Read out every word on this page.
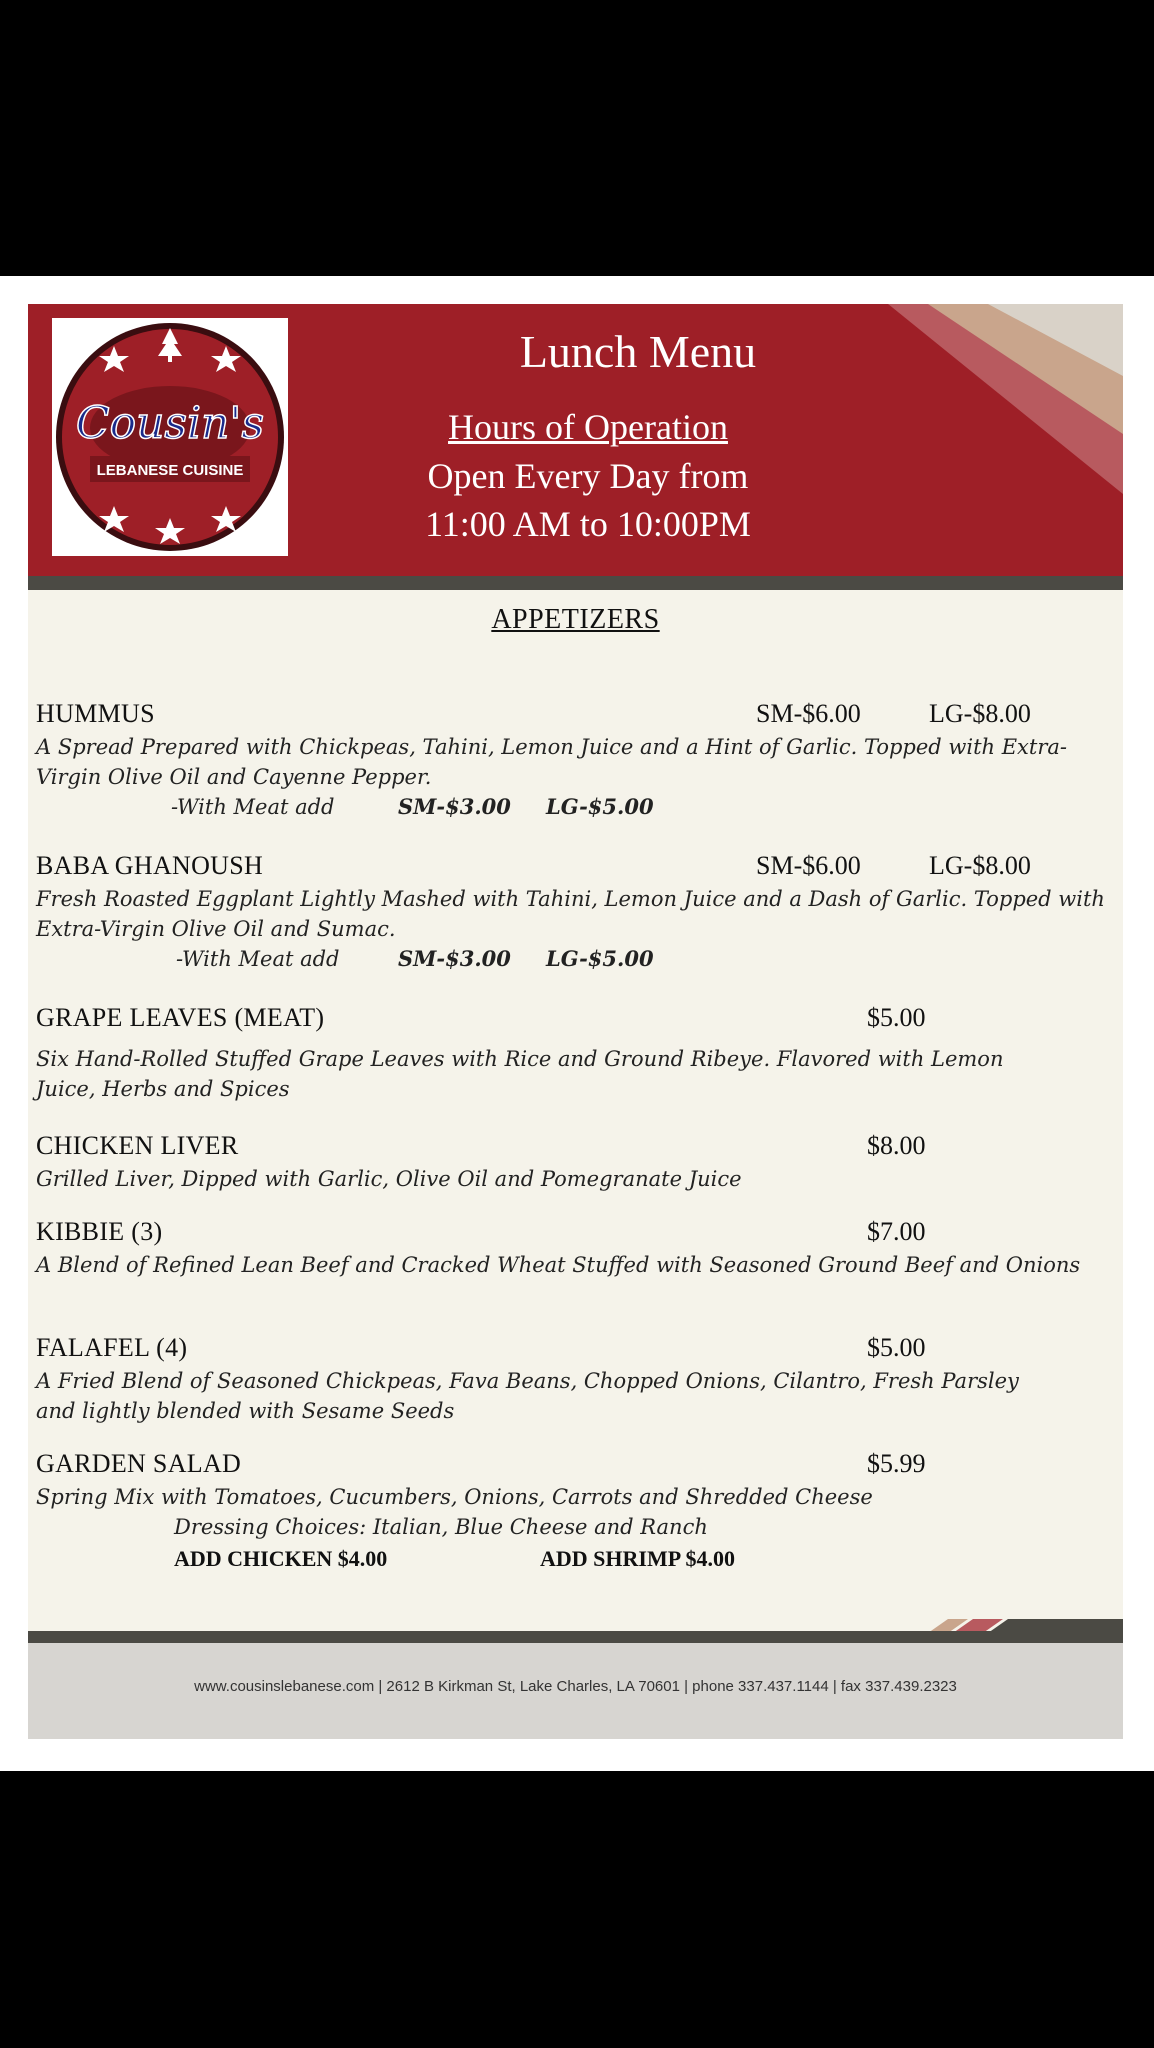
Cousin's
LEBANESE CUISINE
Lunch Menu
Hours of Operation
Open Every Day from
11:00 AM to 10:00PM
APPETIZERS
HUMMUS	SM-$6.00	LG-$8.00
A Spread Prepared with Chickpeas, Tahini, Lemon Juice and a Hint of Garlic. Topped with Extra-Virgin Olive Oil and Cayenne Pepper.
-With Meat add	SM-$3.00 LG-$5.00
BABA GHANOUSH	SM-$6.00	LG-$8.00
Fresh Roasted Eggplant Lightly Mashed with Tahini, Lemon Juice and a Dash of Garlic. Topped with Extra-Virgin Olive Oil and Sumac.
-With Meat add	SM-$3.00 LG-$5.00
GRAPE LEAVES (MEAT)	$5.00
Six Hand-Rolled Stuffed Grape Leaves with Rice and Ground Ribeye. Flavored with Lemon Juice, Herbs and Spices
CHICKEN LIVER	$8.00
Grilled Liver, Dipped with Garlic, Olive Oil and Pomegranate Juice
KIBBIE (3)	$7.00
A Blend of Refined Lean Beef and Cracked Wheat Stuffed with Seasoned Ground Beef and Onions
FALAFEL (4)	$5.00
A Fried Blend of Seasoned Chickpeas, Fava Beans, Chopped Onions, Cilantro, Fresh Parsley and lightly blended with Sesame Seeds
GARDEN SALAD	$5.99
Spring Mix with Tomatoes, Cucumbers, Onions, Carrots and Shredded Cheese
Dressing Choices: Italian, Blue Cheese and Ranch
ADD CHICKEN $4.00	ADD SHRIMP $4.00
www.cousinslebanese.com | 2612 B Kirkman St, Lake Charles, LA 70601 | phone 337.437.1144 | fax 337.439.2323
